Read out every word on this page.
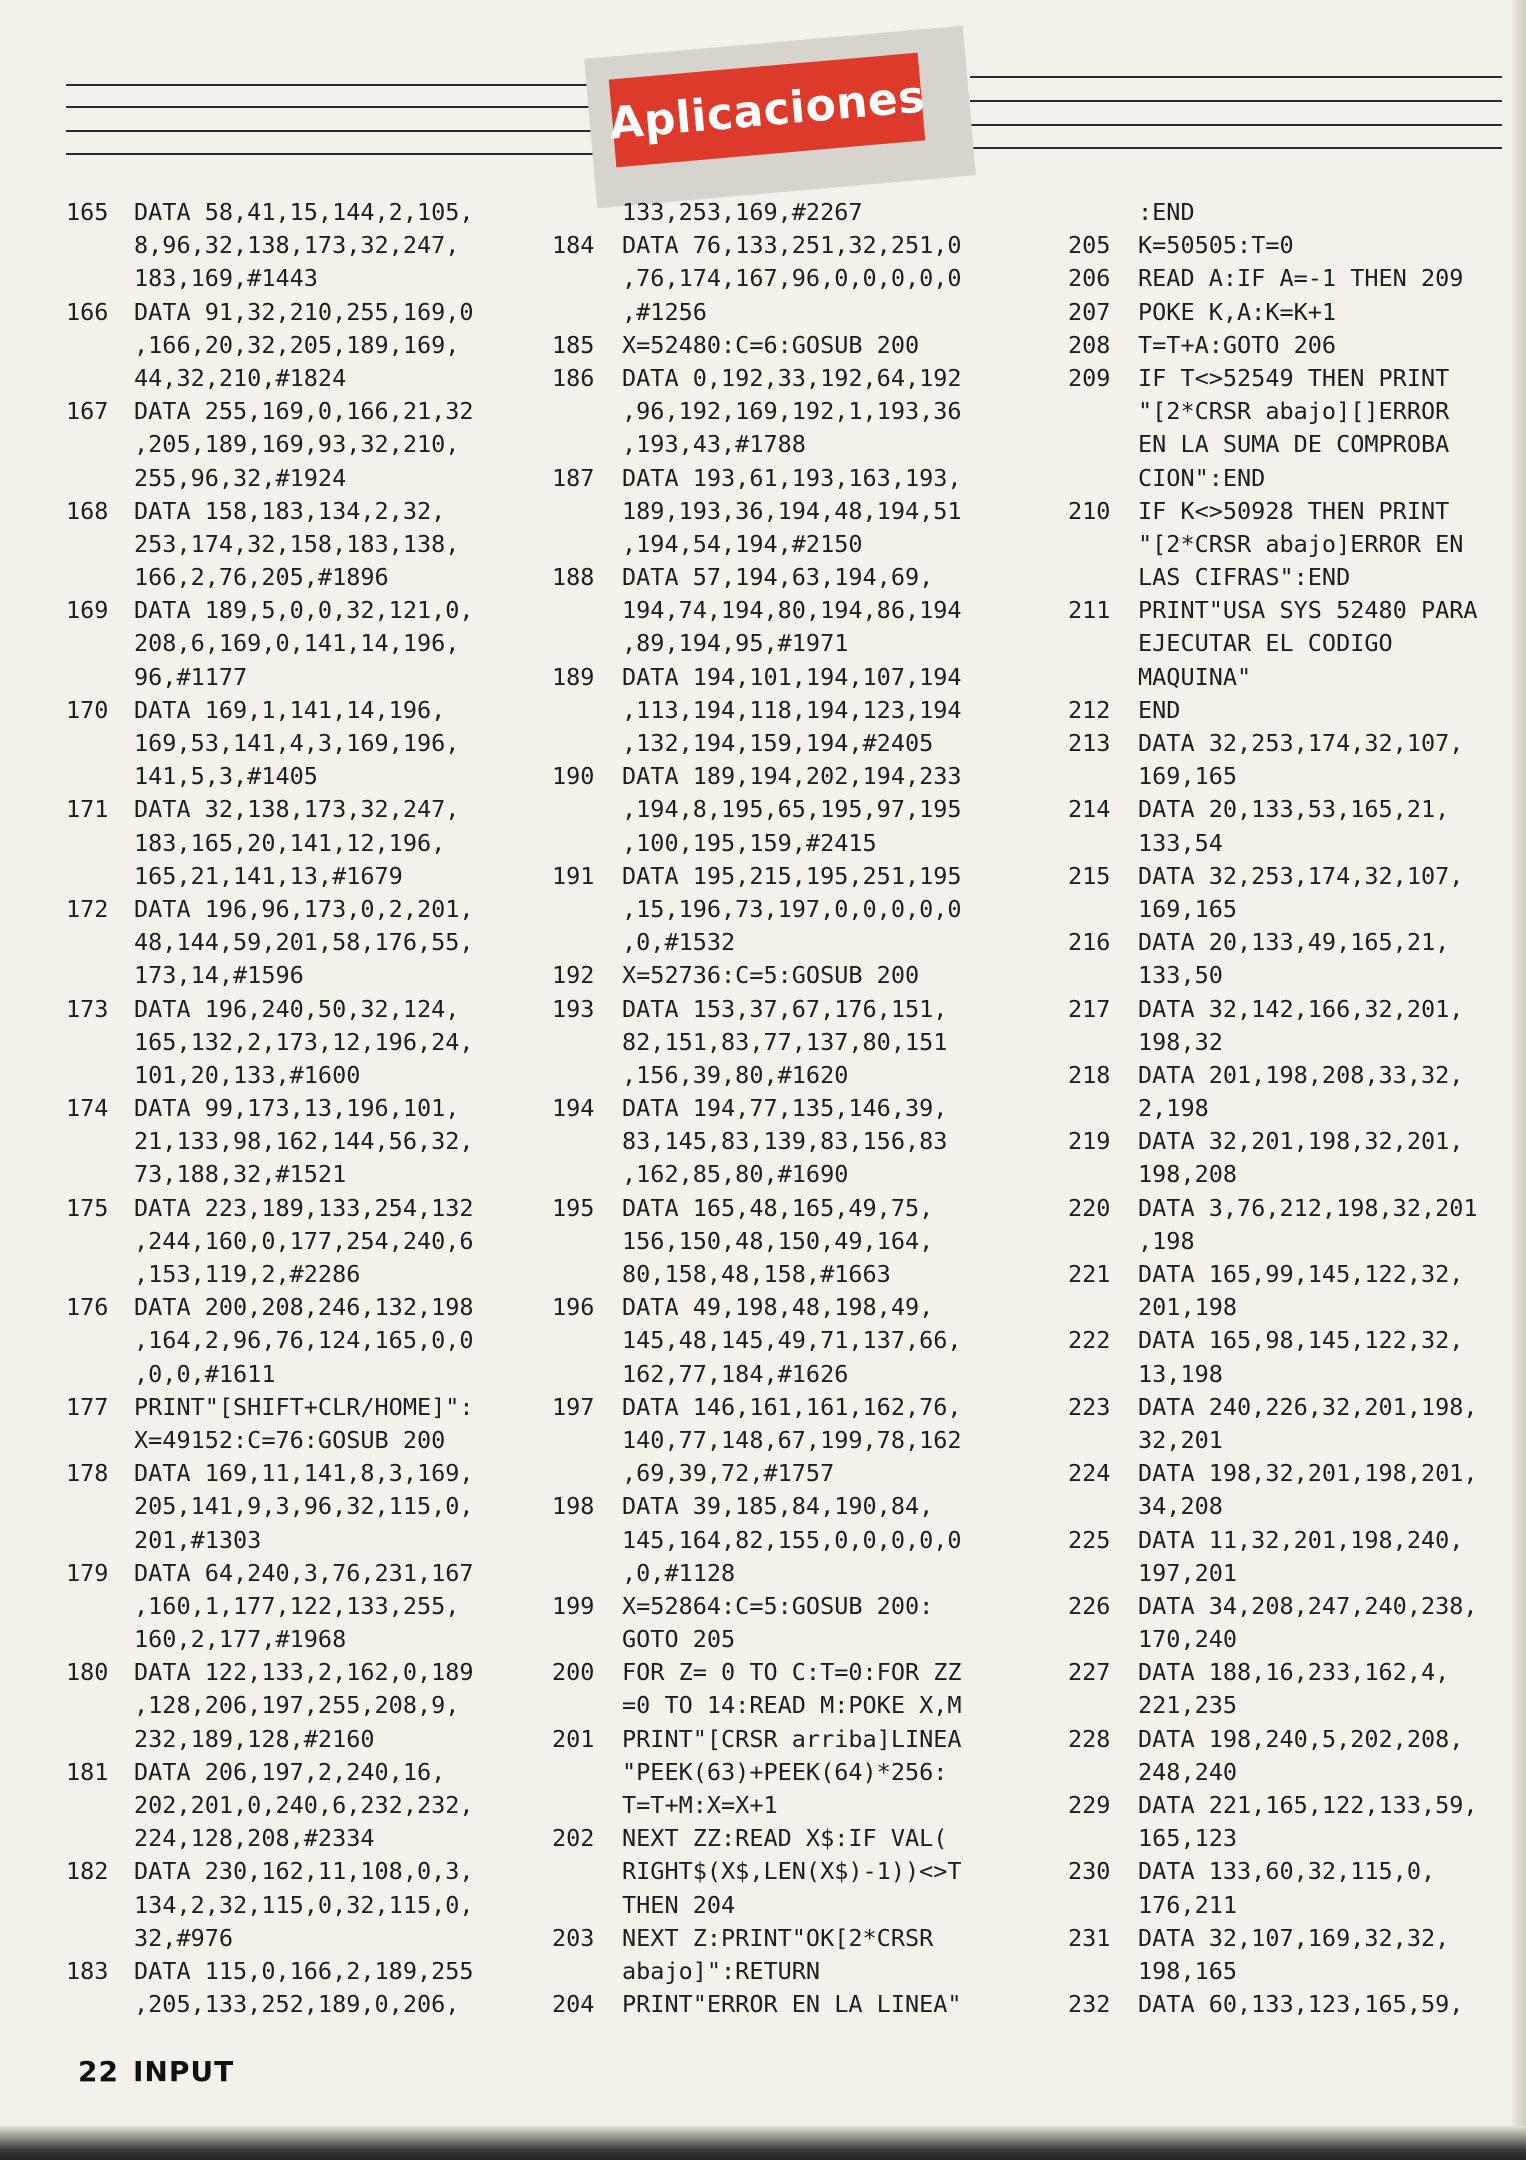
Aplicaciones
165 DATA 58,41,15,144,2,105,
8,96,32,138,173,32,247,
183,169,#1443
166 DATA 91,32,210,255,169,0
,166,20,32,205,189,169,
44,32,210,#1824
167 DATA 255,169,0,166,21,32
,205,189,169,93,32,210,
255,96,32,#1924
168 DATA 158,183,134,2,32,
253,174,32,158,183,138,
166,2,76,205,#1896
169 DATA 189,5,0,0,32,121,0,
208,6,169,0,141,14,196,
96,#1177
170 DATA 169,1,141,14,196,
169,53,141,4,3,169,196,
141,5,3,#1405
171 DATA 32,138,173,32,247,
183,165,20,141,12,196,
165,21,141,13,#1679
172 DATA 196,96,173,0,2,201,
48,144,59,201,58,176,55,
173,14,#1596
173 DATA 196,240,50,32,124,
165,132,2,173,12,196,24,
101,20,133,#1600
174 DATA 99,173,13,196,101,
21,133,98,162,144,56,32,
73,188,32,#1521
175 DATA 223,189,133,254,132
,244,160,0,177,254,240,6
,153,119,2,#2286
176 DATA 200,208,246,132,198
,164,2,96,76,124,165,0,0
,0,0,#1611
177 PRINT"[SHIFT+CLR/HOME]":
X=49152:C=76:GOSUB 200
178 DATA 169,11,141,8,3,169,
205,141,9,3,96,32,115,0,
201,#1303
179 DATA 64,240,3,76,231,167
,160,1,177,122,133,255,
160,2,177,#1968
180 DATA 122,133,2,162,0,189
,128,206,197,255,208,9,
232,189,128,#2160
181 DATA 206,197,2,240,16,
202,201,0,240,6,232,232,
224,128,208,#2334
182 DATA 230,162,11,108,0,3,
134,2,32,115,0,32,115,0,
32,#976
183 DATA 115,0,166,2,189,255
,205,133,252,189,0,206,
133,253,169,#2267
184 DATA 76,133,251,32,251,0
,76,174,167,96,0,0,0,0,0
,#1256
185 X=52480:C=6:GOSUB 200
186 DATA 0,192,33,192,64,192
,96,192,169,192,1,193,36
,193,43,#1788
187 DATA 193,61,193,163,193,
189,193,36,194,48,194,51
,194,54,194,#2150
188 DATA 57,194,63,194,69,
194,74,194,80,194,86,194
,89,194,95,#1971
189 DATA 194,101,194,107,194
,113,194,118,194,123,194
,132,194,159,194,#2405
190 DATA 189,194,202,194,233
,194,8,195,65,195,97,195
,100,195,159,#2415
191 DATA 195,215,195,251,195
,15,196,73,197,0,0,0,0,0
,0,#1532
192 X=52736:C=5:GOSUB 200
193 DATA 153,37,67,176,151,
82,151,83,77,137,80,151
,156,39,80,#1620
194 DATA 194,77,135,146,39,
83,145,83,139,83,156,83
,162,85,80,#1690
195 DATA 165,48,165,49,75,
156,150,48,150,49,164,
80,158,48,158,#1663
196 DATA 49,198,48,198,49,
145,48,145,49,71,137,66,
162,77,184,#1626
197 DATA 146,161,161,162,76,
140,77,148,67,199,78,162
,69,39,72,#1757
198 DATA 39,185,84,190,84,
145,164,82,155,0,0,0,0,0
,0,#1128
199 X=52864:C=5:GOSUB 200:
GOTO 205
200 FOR Z= 0 TO C:T=0:FOR ZZ
=0 TO 14:READ M:POKE X,M
201 PRINT"[CRSR arriba]LINEA
"PEEK(63)+PEEK(64)*256:
T=T+M:X=X+1
202 NEXT ZZ:READ X$:IF VAL(
RIGHT$(X$,LEN(X$)-1))<>T
THEN 204
203 NEXT Z:PRINT"OK[2*CRSR
abajo]":RETURN
204 PRINT"ERROR EN LA LINEA"
:END
205 K=50505:T=0
206 READ A:IF A=-1 THEN 209
207 POKE K,A:K=K+1
208 T=T+A:GOTO 206
209 IF T<>52549 THEN PRINT
"[2*CRSR abajo][]ERROR
EN LA SUMA DE COMPROBA
CION":END
210 IF K<>50928 THEN PRINT
"[2*CRSR abajo]ERROR EN
LAS CIFRAS":END
211 PRINT"USA SYS 52480 PARA
EJECUTAR EL CODIGO
MAQUINA"
212 END
213 DATA 32,253,174,32,107,
169,165
214 DATA 20,133,53,165,21,
133,54
215 DATA 32,253,174,32,107,
169,165
216 DATA 20,133,49,165,21,
133,50
217 DATA 32,142,166,32,201,
198,32
218 DATA 201,198,208,33,32,
2,198
219 DATA 32,201,198,32,201,
198,208
220 DATA 3,76,212,198,32,201
,198
221 DATA 165,99,145,122,32,
201,198
222 DATA 165,98,145,122,32,
13,198
223 DATA 240,226,32,201,198,
32,201
224 DATA 198,32,201,198,201,
34,208
225 DATA 11,32,201,198,240,
197,201
226 DATA 34,208,247,240,238,
170,240
227 DATA 188,16,233,162,4,
221,235
228 DATA 198,240,5,202,208,
248,240
229 DATA 221,165,122,133,59,
165,123
230 DATA 133,60,32,115,0,
176,211
231 DATA 32,107,169,32,32,
198,165
232 DATA 60,133,123,165,59,
22 INPUT
